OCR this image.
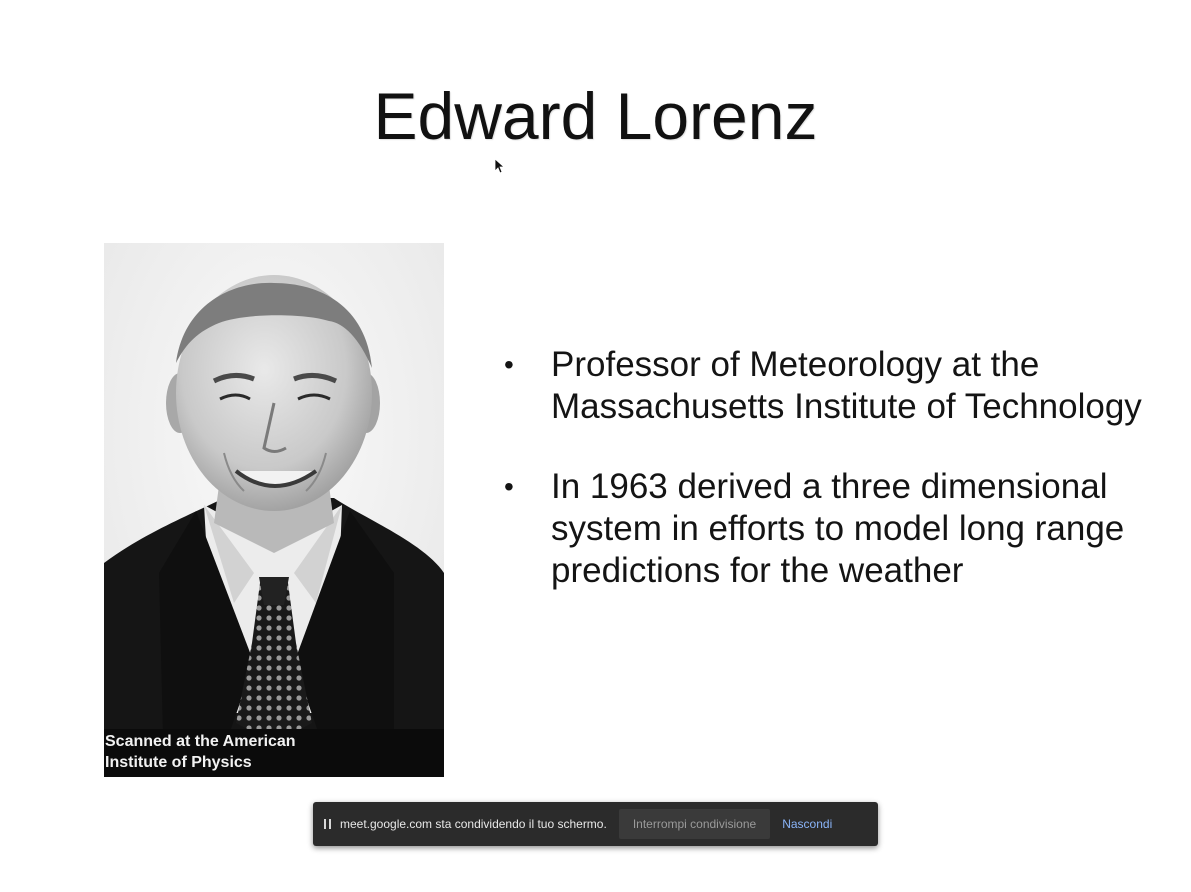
Edward Lorenz
Scanned at the American
Institute of Physics
• Professor of Meteorology at the Massachusetts Institute of Technology
• In 1963 derived a three dimensional system in efforts to model long range predictions for the weather
meet.google.com sta condividendo il tuo schermo.	Interrompi condivisione	Nascondi
